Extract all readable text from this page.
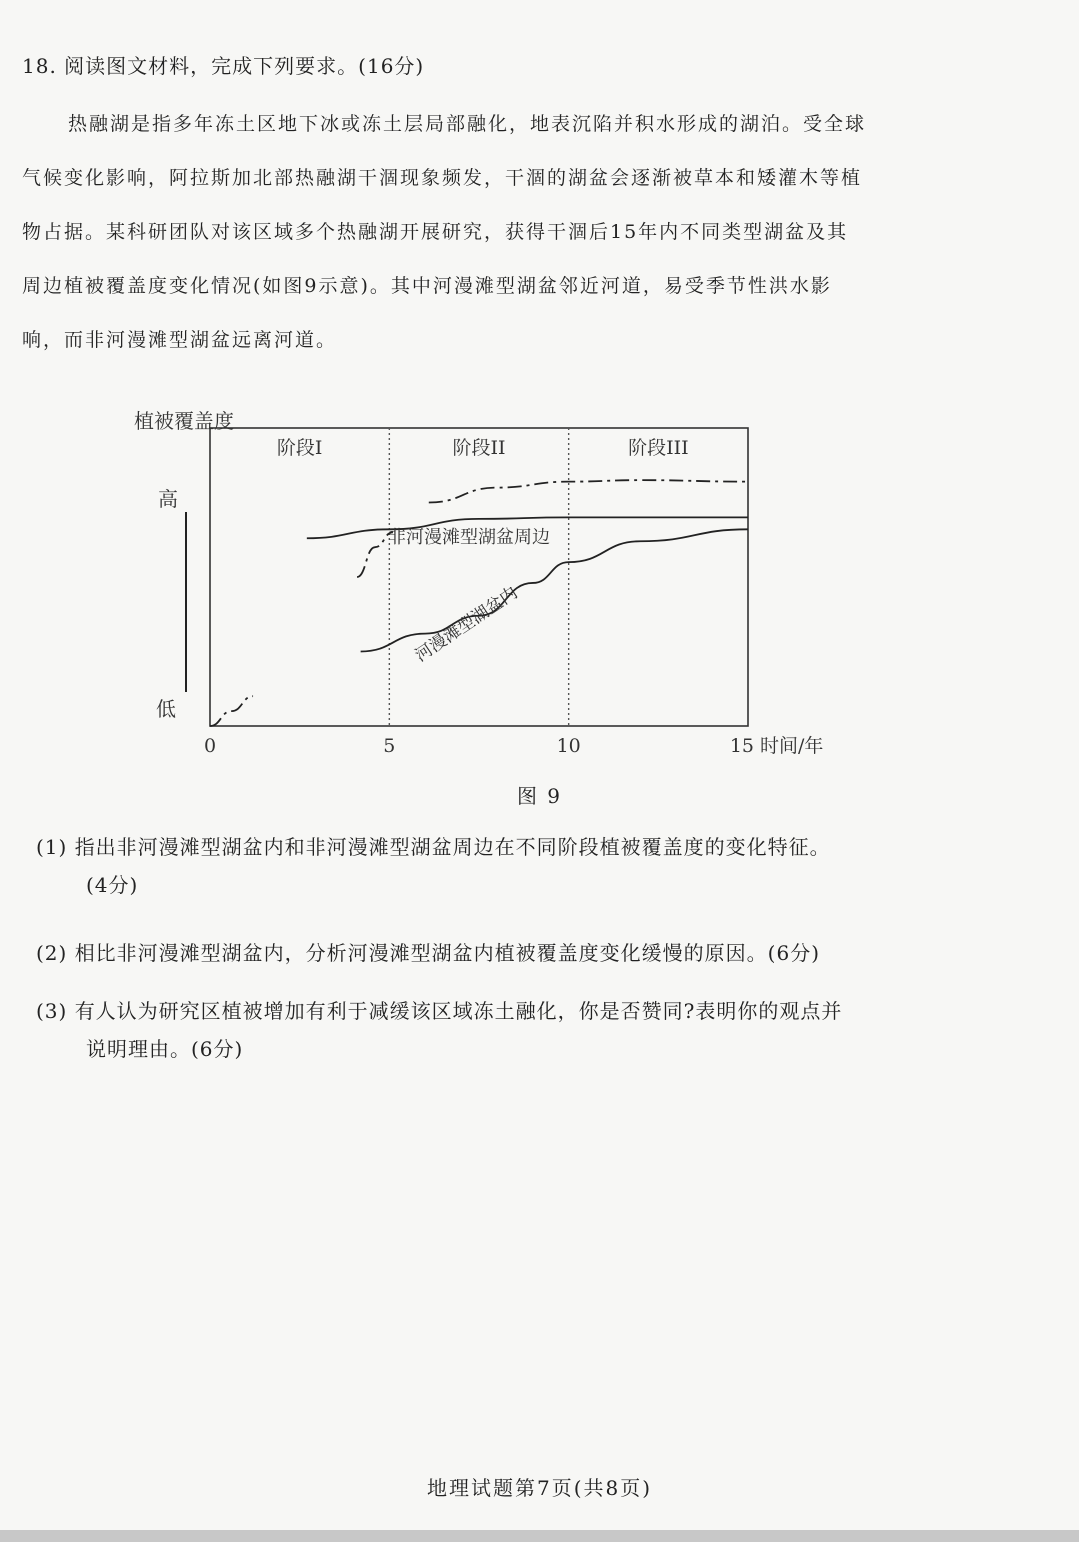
18. 阅读图文材料，完成下列要求。(16分)
热融湖是指多年冻土区地下冰或冻土层局部融化，地表沉陷并积水形成的湖泊。受全球
气候变化影响，阿拉斯加北部热融湖干涸现象频发，干涸的湖盆会逐渐被草本和矮灌木等植
物占据。某科研团队对该区域多个热融湖开展研究，获得干涸后15年内不同类型湖盆及其
周边植被覆盖度变化情况(如图9示意)。其中河漫滩型湖盆邻近河道，易受季节性洪水影
响，而非河漫滩型湖盆远离河道。
植被覆盖度
高
低
时间/年
阶段I	阶段II	阶段III
0	5	10	15
非河漫滩型湖盆周边
河漫滩型湖盆内
图 9
(1) 指出非河漫滩型湖盆内和非河漫滩型湖盆周边在不同阶段植被覆盖度的变化特征。
(4分)
(2) 相比非河漫滩型湖盆内，分析河漫滩型湖盆内植被覆盖度变化缓慢的原因。(6分)
(3) 有人认为研究区植被增加有利于减缓该区域冻土融化，你是否赞同?表明你的观点并
说明理由。(6分)
地理试题第7页(共8页)
